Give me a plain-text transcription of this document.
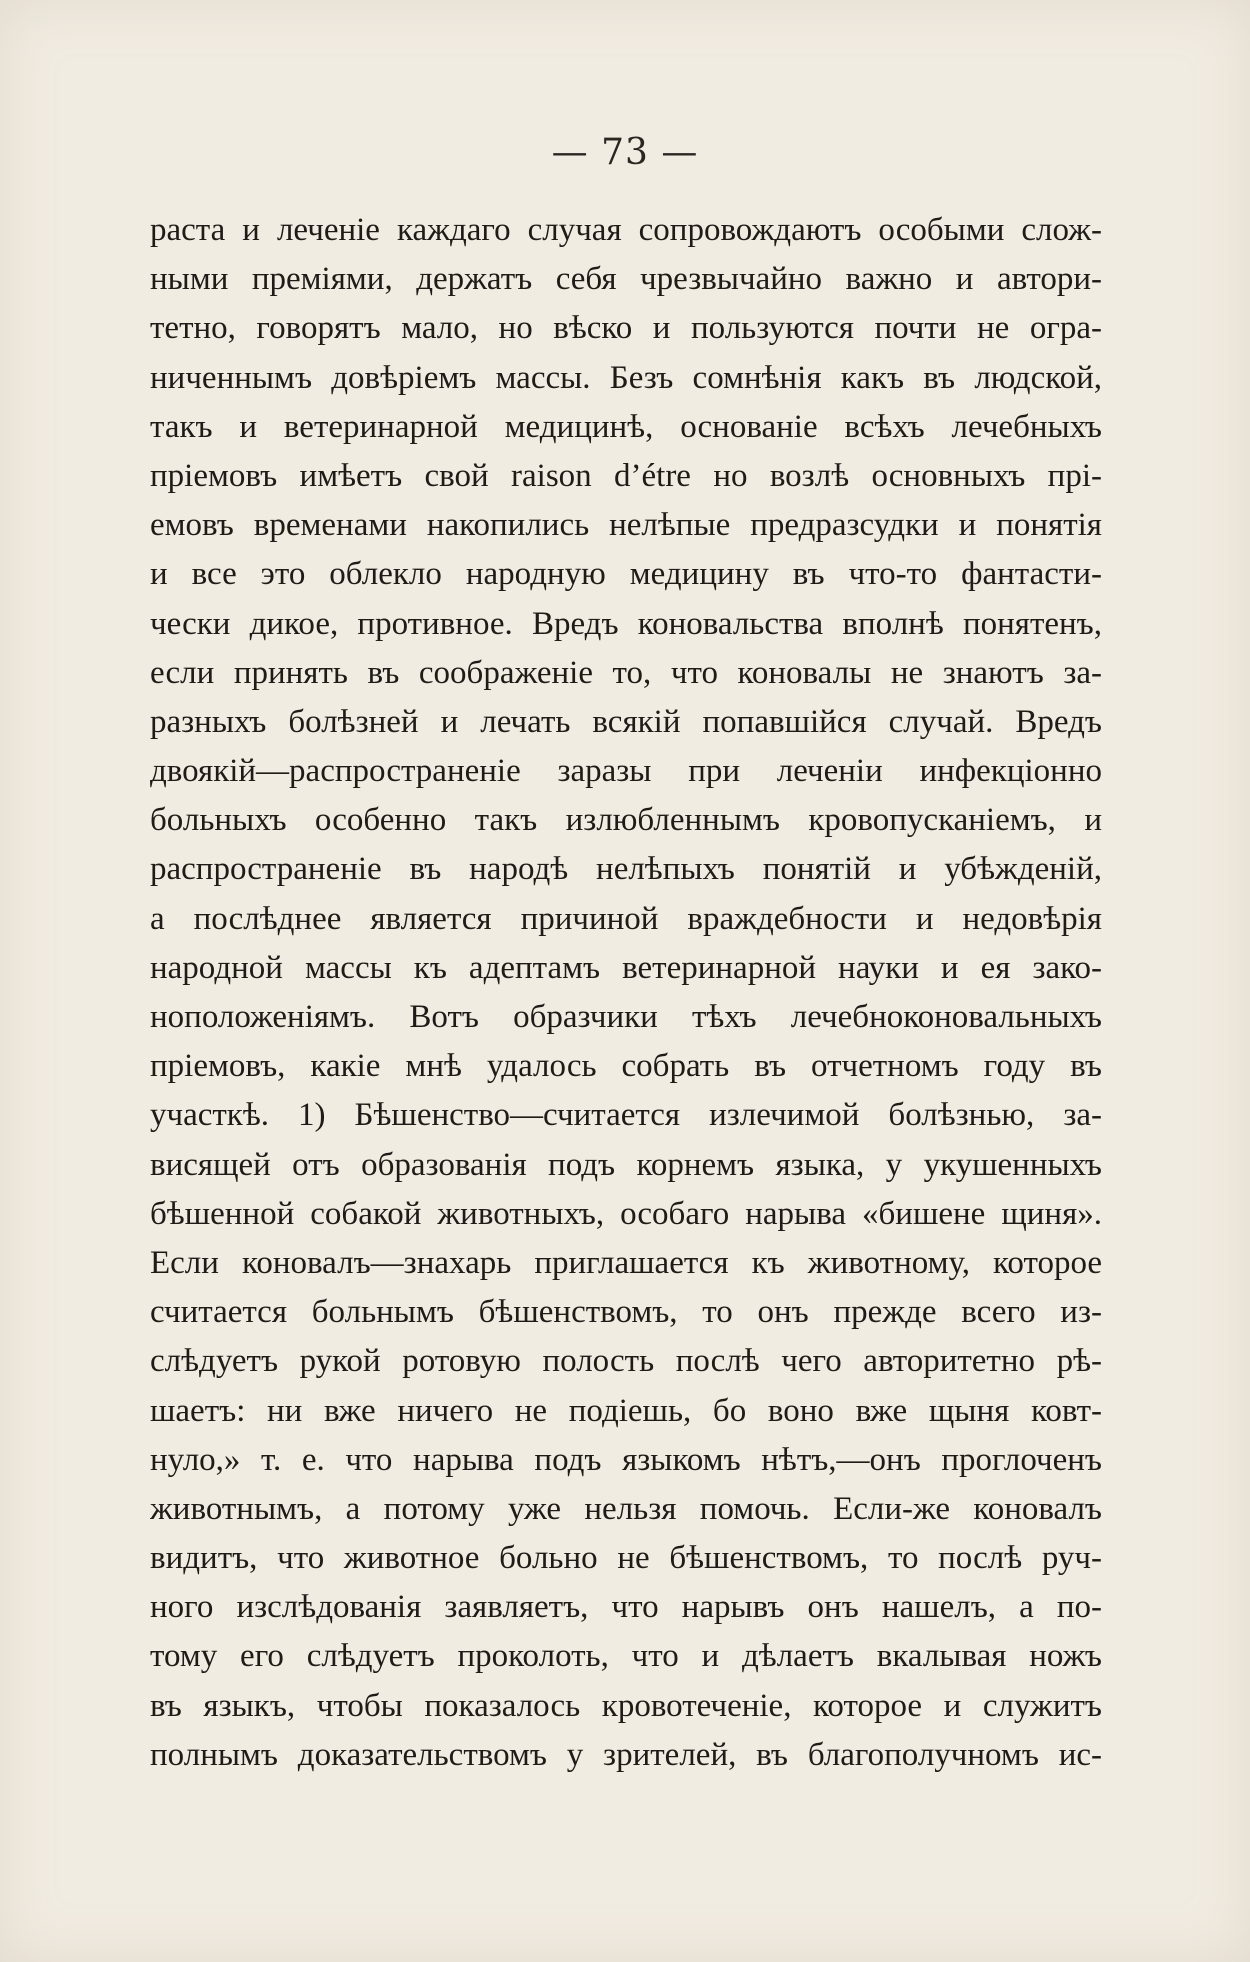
— 73 —
раста и леченіе каждаго случая сопровождаютъ особыми слож-
ными преміями, держатъ себя чрезвычайно важно и автори-
тетно, говорятъ мало, но вѣско и пользуются почти не огра-
ниченнымъ довѣріемъ массы. Безъ сомнѣнія какъ въ людской,
такъ и ветеринарной медицинѣ, основаніе всѣхъ лечебныхъ
пріемовъ имѣетъ свой raison d’étre но возлѣ основныхъ прі-
емовъ временами накопились нелѣпые предразсудки и понятія
и все это облекло народную медицину въ что-то фантасти-
чески дикое, противное. Вредъ коновальства вполнѣ понятенъ,
если принять въ соображеніе то, что коновалы не знаютъ за-
разныхъ болѣзней и лечать всякій попавшійся случай. Вредъ
двоякій—распространеніе заразы при леченіи инфекціонно
больныхъ особенно такъ излюбленнымъ кровопусканіемъ, и
распространеніе въ народѣ нелѣпыхъ понятій и убѣжденій,
а послѣднее является причиной враждебности и недовѣрія
народной массы къ адептамъ ветеринарной науки и ея зако-
ноположеніямъ. Вотъ образчики тѣхъ лечебноконовальныхъ
пріемовъ, какіе мнѣ удалось собрать въ отчетномъ году въ
участкѣ. 1) Бѣшенство—считается излечимой болѣзнью, за-
висящей отъ образованія подъ корнемъ языка, у укушенныхъ
бѣшенной собакой животныхъ, особаго нарыва «бишене щиня».
Если коновалъ—знахарь приглашается къ животному, которое
считается больнымъ бѣшенствомъ, то онъ прежде всего из-
слѣдуетъ рукой ротовую полость послѣ чего авторитетно рѣ-
шаетъ: ни вже ничего не подіешь, бо воно вже щыня ковт-
нуло,» т. е. что нарыва подъ языкомъ нѣтъ,—онъ проглоченъ
животнымъ, а потому уже нельзя помочь. Если-же коновалъ
видитъ, что животное больно не бѣшенствомъ, то послѣ руч-
ного изслѣдованія заявляетъ, что нарывъ онъ нашелъ, а по-
тому его слѣдуетъ проколоть, что и дѣлаетъ вкалывая ножъ
въ языкъ, чтобы показалось кровотеченіе, которое и служитъ
полнымъ доказательствомъ у зрителей, въ благополучномъ ис-
